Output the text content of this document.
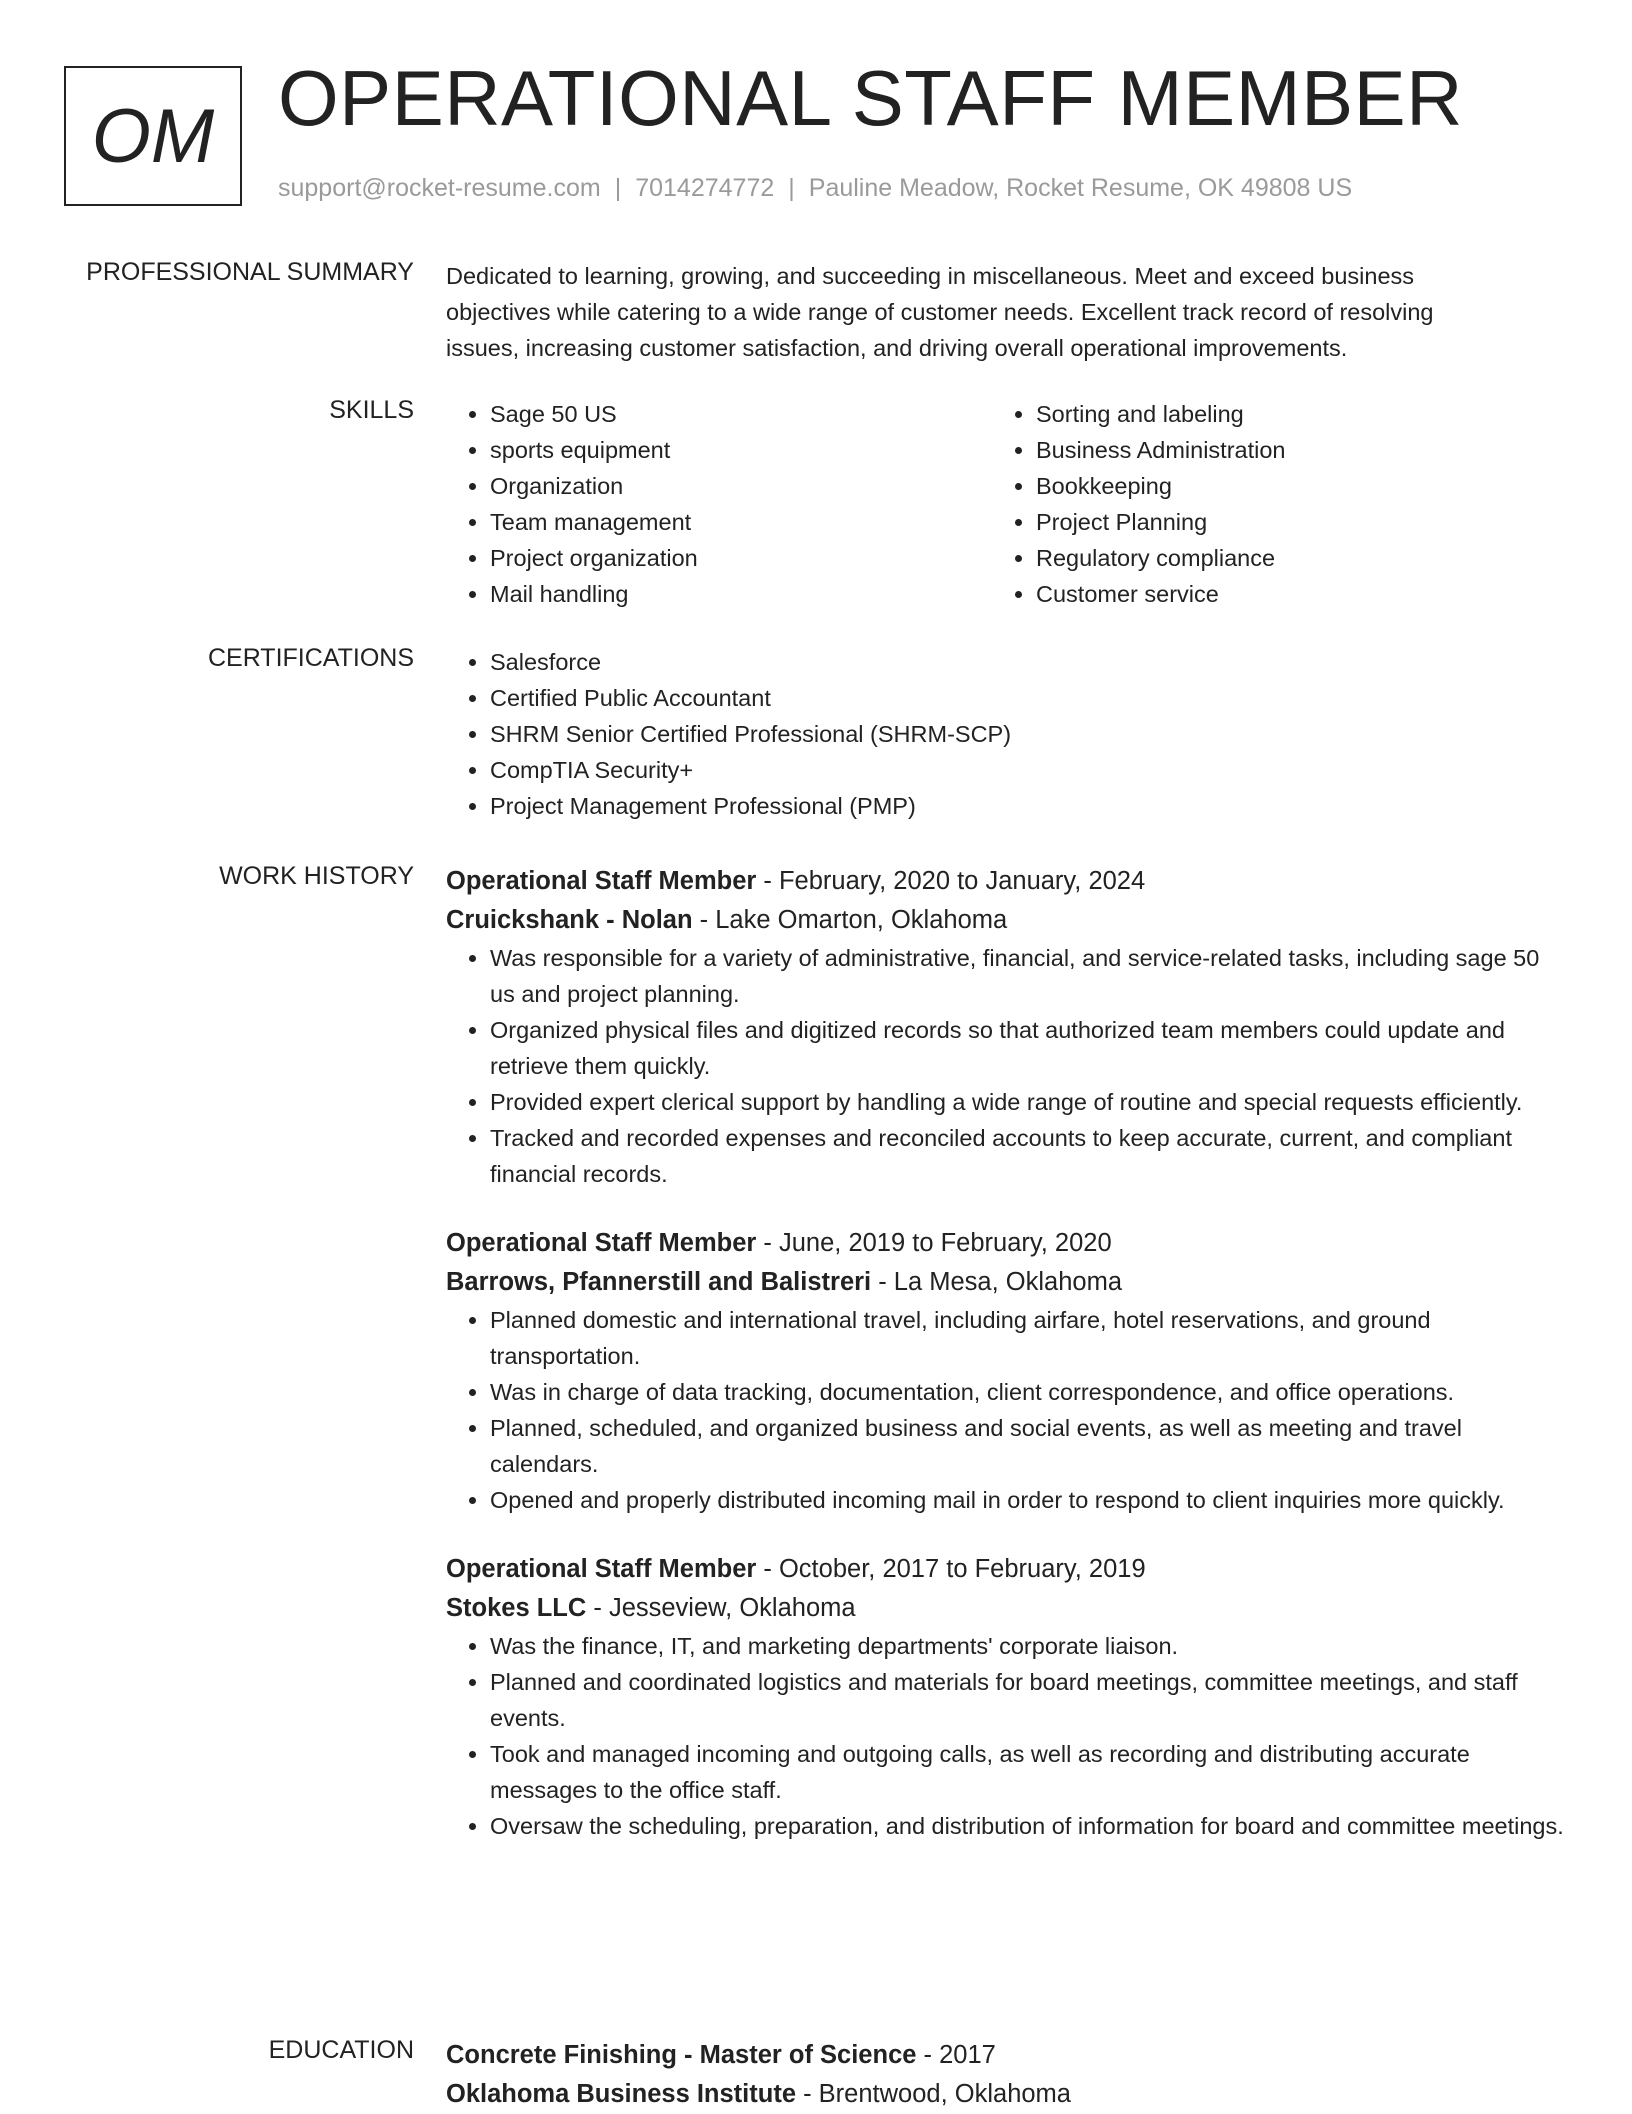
OM OPERATIONAL STAFF MEMBER
support@rocket-resume.com | 7014274772 | Pauline Meadow, Rocket Resume, OK 49808 US
PROFESSIONAL SUMMARY Dedicated to learning, growing, and succeeding in miscellaneous. Meet and exceed business objectives while catering to a wide range of customer needs. Excellent track record of resolving issues, increasing customer satisfaction, and driving overall operational improvements.
SKILLS	• Sage 50 US
• sports equipment
• Organization
• Team management
• Project organization
• Mail handling
• Sorting and labeling
• Business Administration
• Bookkeeping
• Project Planning
• Regulatory compliance
• Customer service
CERTIFICATIONS	• Salesforce
• Certified Public Accountant
• SHRM Senior Certified Professional (SHRM-SCP)
• CompTIA Security+
• Project Management Professional (PMP)
WORK HISTORY Operational Staff Member - February, 2020 to January, 2024
Cruickshank - Nolan - Lake Omarton, Oklahoma
• Was responsible for a variety of administrative, financial, and service-related tasks, including sage 50 us and project planning.
• Organized physical files and digitized records so that authorized team members could update and retrieve them quickly.
• Provided expert clerical support by handling a wide range of routine and special requests efficiently.
• Tracked and recorded expenses and reconciled accounts to keep accurate, current, and compliant financial records.
Operational Staff Member - June, 2019 to February, 2020
Barrows, Pfannerstill and Balistreri - La Mesa, Oklahoma
• Planned domestic and international travel, including airfare, hotel reservations, and ground transportation.
• Was in charge of data tracking, documentation, client correspondence, and office operations.
• Planned, scheduled, and organized business and social events, as well as meeting and travel calendars.
• Opened and properly distributed incoming mail in order to respond to client inquiries more quickly.
Operational Staff Member - October, 2017 to February, 2019
Stokes LLC - Jesseview, Oklahoma
• Was the finance, IT, and marketing departments' corporate liaison.
• Planned and coordinated logistics and materials for board meetings, committee meetings, and staff events.
• Took and managed incoming and outgoing calls, as well as recording and distributing accurate messages to the office staff.
• Oversaw the scheduling, preparation, and distribution of information for board and committee meetings.
EDUCATION Concrete Finishing - Master of Science - 2017
Oklahoma Business Institute - Brentwood, Oklahoma
